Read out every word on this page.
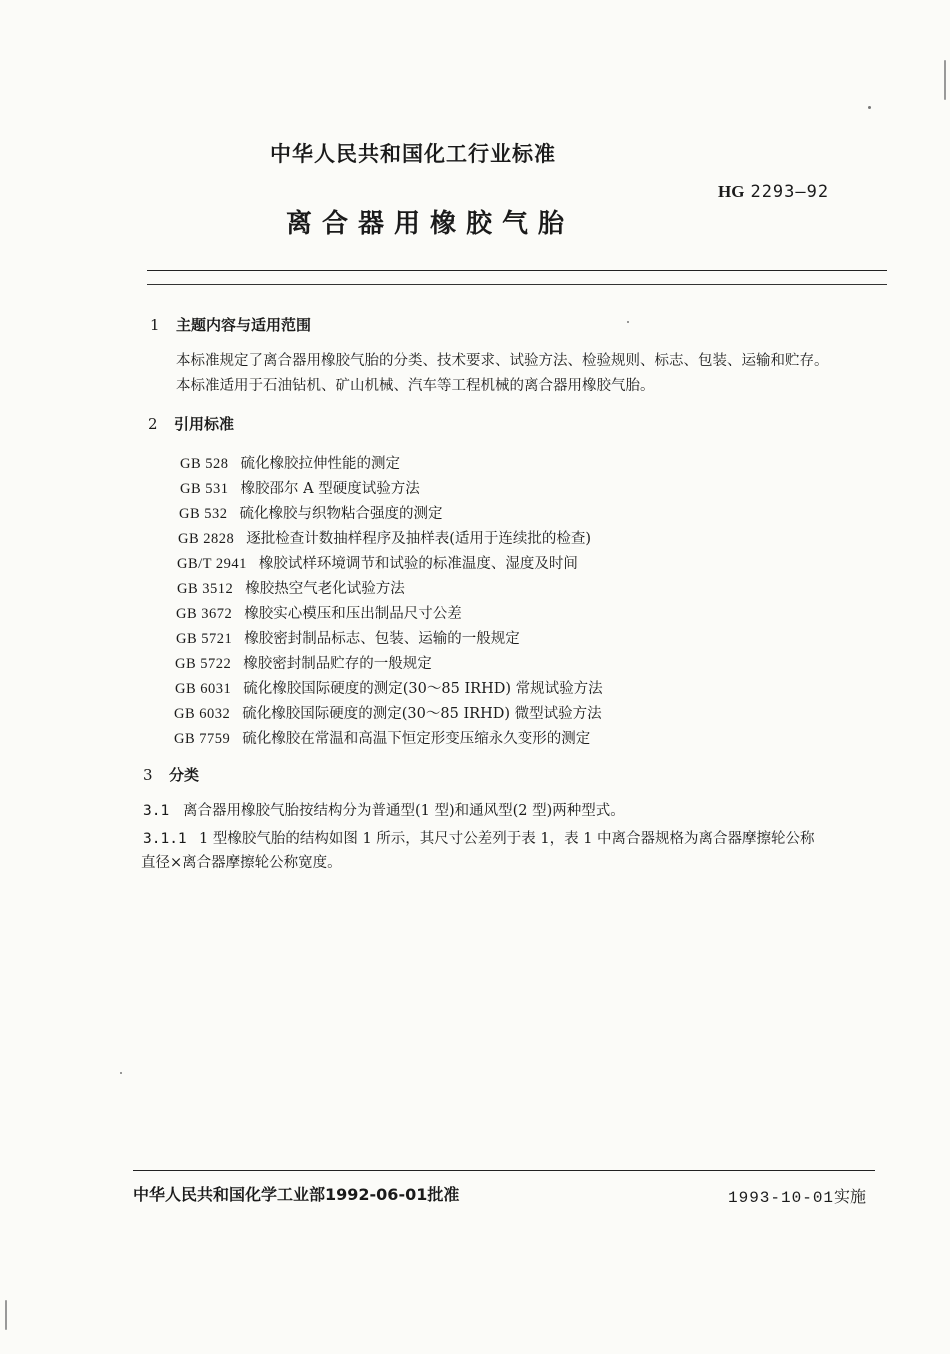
中华人民共和国化工行业标准
HG 2293—92
离合器用橡胶气胎
1 主题内容与适用范围
本标准规定了离合器用橡胶气胎的分类、技术要求、试验方法、检验规则、标志、包装、运输和贮存。
本标准适用于石油钻机、矿山机械、汽车等工程机械的离合器用橡胶气胎。
2 引用标准
GB 528 硫化橡胶拉伸性能的测定
GB 531 橡胶邵尔 A 型硬度试验方法
GB 532 硫化橡胶与织物粘合强度的测定
GB 2828 逐批检查计数抽样程序及抽样表(适用于连续批的检查)
GB/T 2941 橡胶试样环境调节和试验的标准温度、湿度及时间
GB 3512 橡胶热空气老化试验方法
GB 3672 橡胶实心模压和压出制品尺寸公差
GB 5721 橡胶密封制品标志、包装、运输的一般规定
GB 5722 橡胶密封制品贮存的一般规定
GB 6031 硫化橡胶国际硬度的测定(30～85 IRHD) 常规试验方法
GB 6032 硫化橡胶国际硬度的测定(30～85 IRHD) 微型试验方法
GB 7759 硫化橡胶在常温和高温下恒定形变压缩永久变形的测定
3 分类
3.1 离合器用橡胶气胎按结构分为普通型(1 型)和通风型(2 型)两种型式。
3.1.1 1 型橡胶气胎的结构如图 1 所示，其尺寸公差列于表 1，表 1 中离合器规格为离合器摩擦轮公称
直径×离合器摩擦轮公称宽度。
中华人民共和国化学工业部1992-06-01批准	1993-10-01实施
